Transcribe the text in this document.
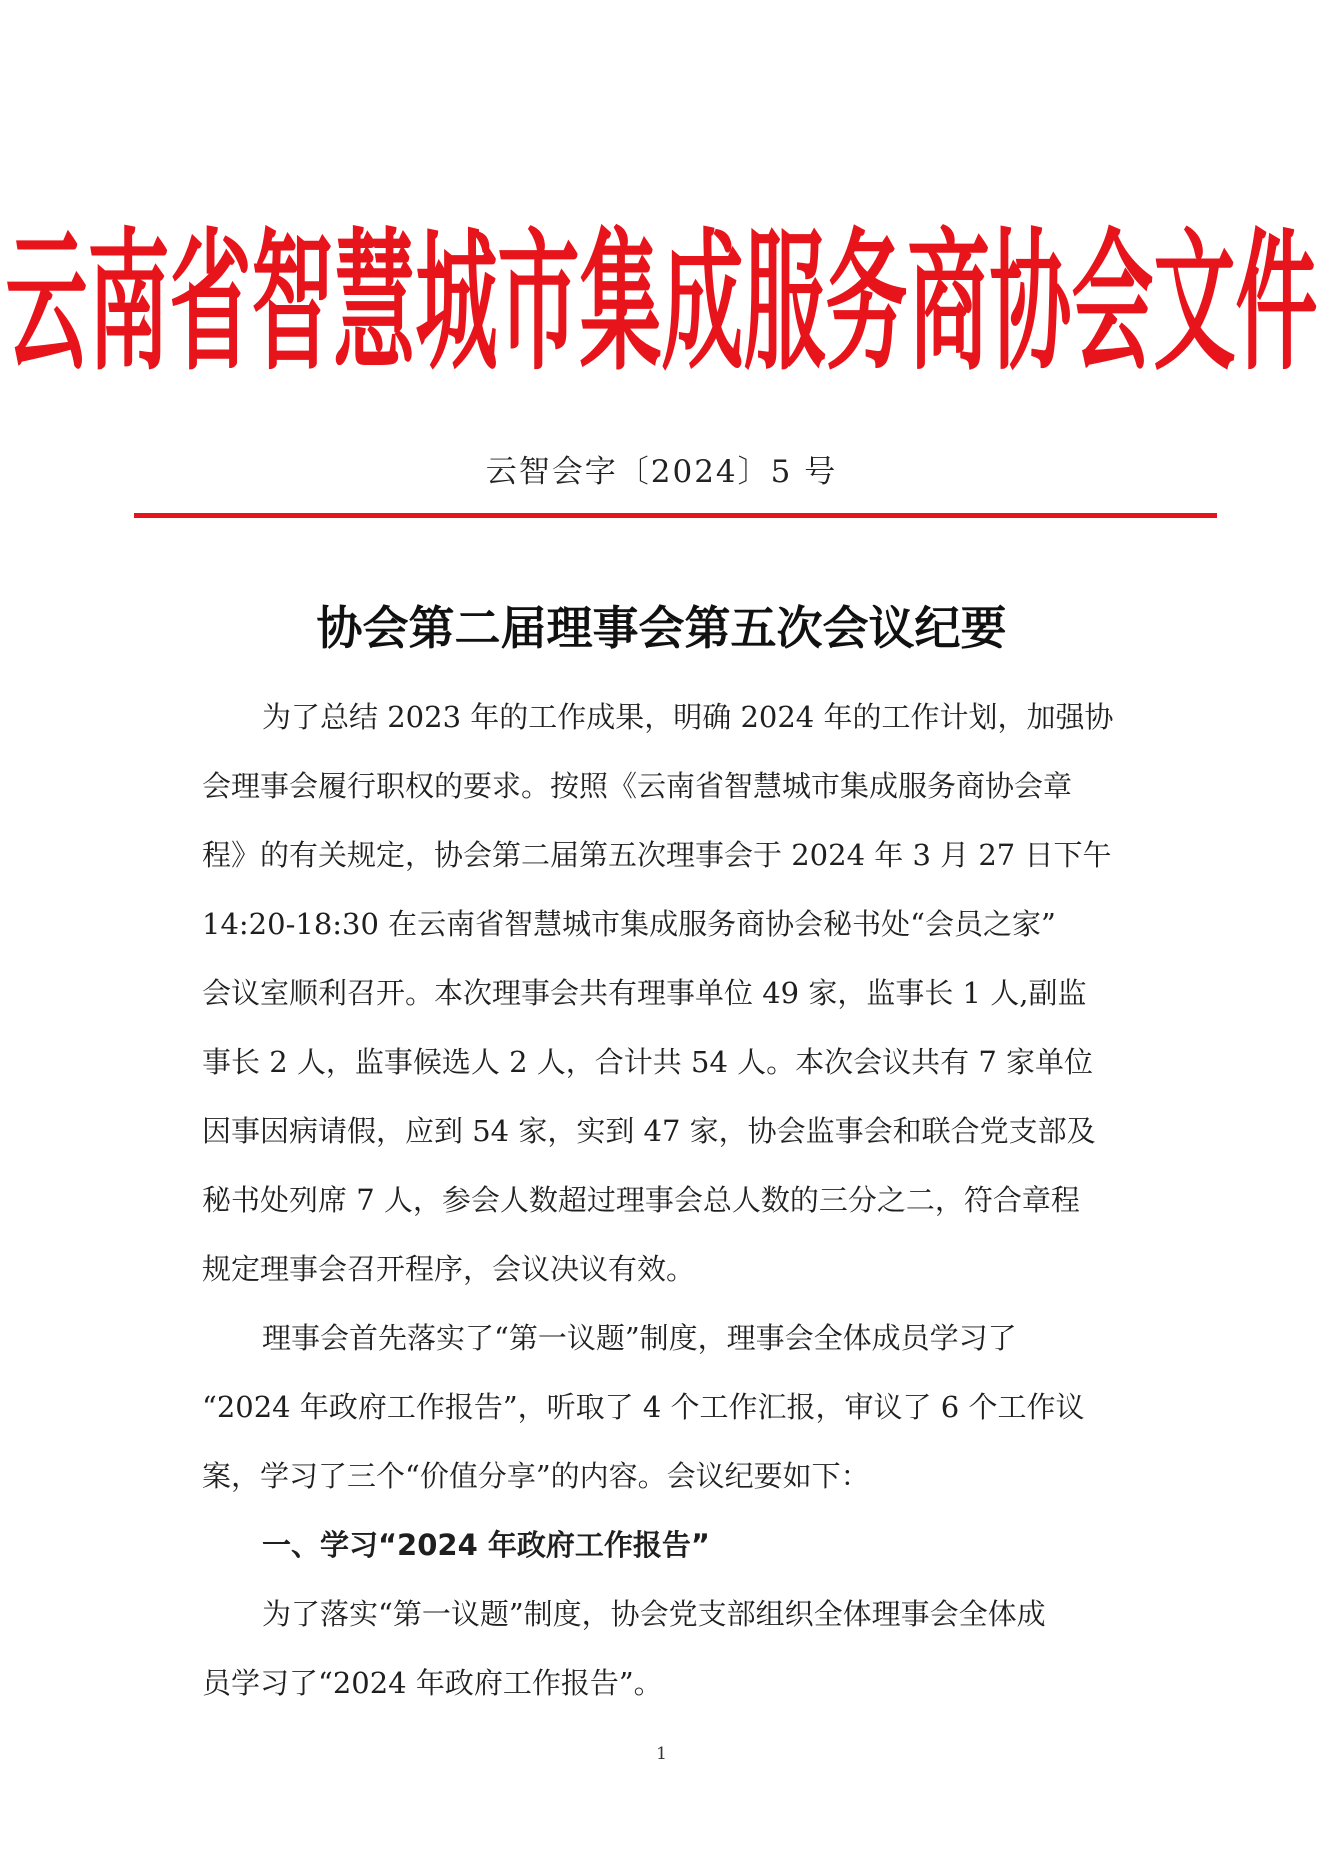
云南省智慧城市集成服务商协会文件
云智会字〔2024〕5 号
协会第二届理事会第五次会议纪要

为了总结 2023 年的工作成果，明确 2024 年的工作计划，加强协

会理事会履行职权的要求。按照《云南省智慧城市集成服务商协会章

程》的有关规定，协会第二届第五次理事会于 2024 年 3 月 27 日下午

14:20-18:30 在云南省智慧城市集成服务商协会秘书处“会员之家”

会议室顺利召开。本次理事会共有理事单位 49 家，监事长 1 人,副监

事长 2 人，监事候选人 2 人，合计共 54 人。本次会议共有 7 家单位

因事因病请假，应到 54 家，实到 47 家，协会监事会和联合党支部及

秘书处列席 7 人，参会人数超过理事会总人数的三分之二，符合章程

规定理事会召开程序，会议决议有效。

理事会首先落实了“第一议题”制度，理事会全体成员学习了

“2024 年政府工作报告”，听取了 4 个工作汇报，审议了 6 个工作议

案，学习了三个“价值分享”的内容。会议纪要如下：

一、学习“2024 年政府工作报告”

为了落实“第一议题”制度，协会党支部组织全体理事会全体成

员学习了“2024 年政府工作报告”。

1
